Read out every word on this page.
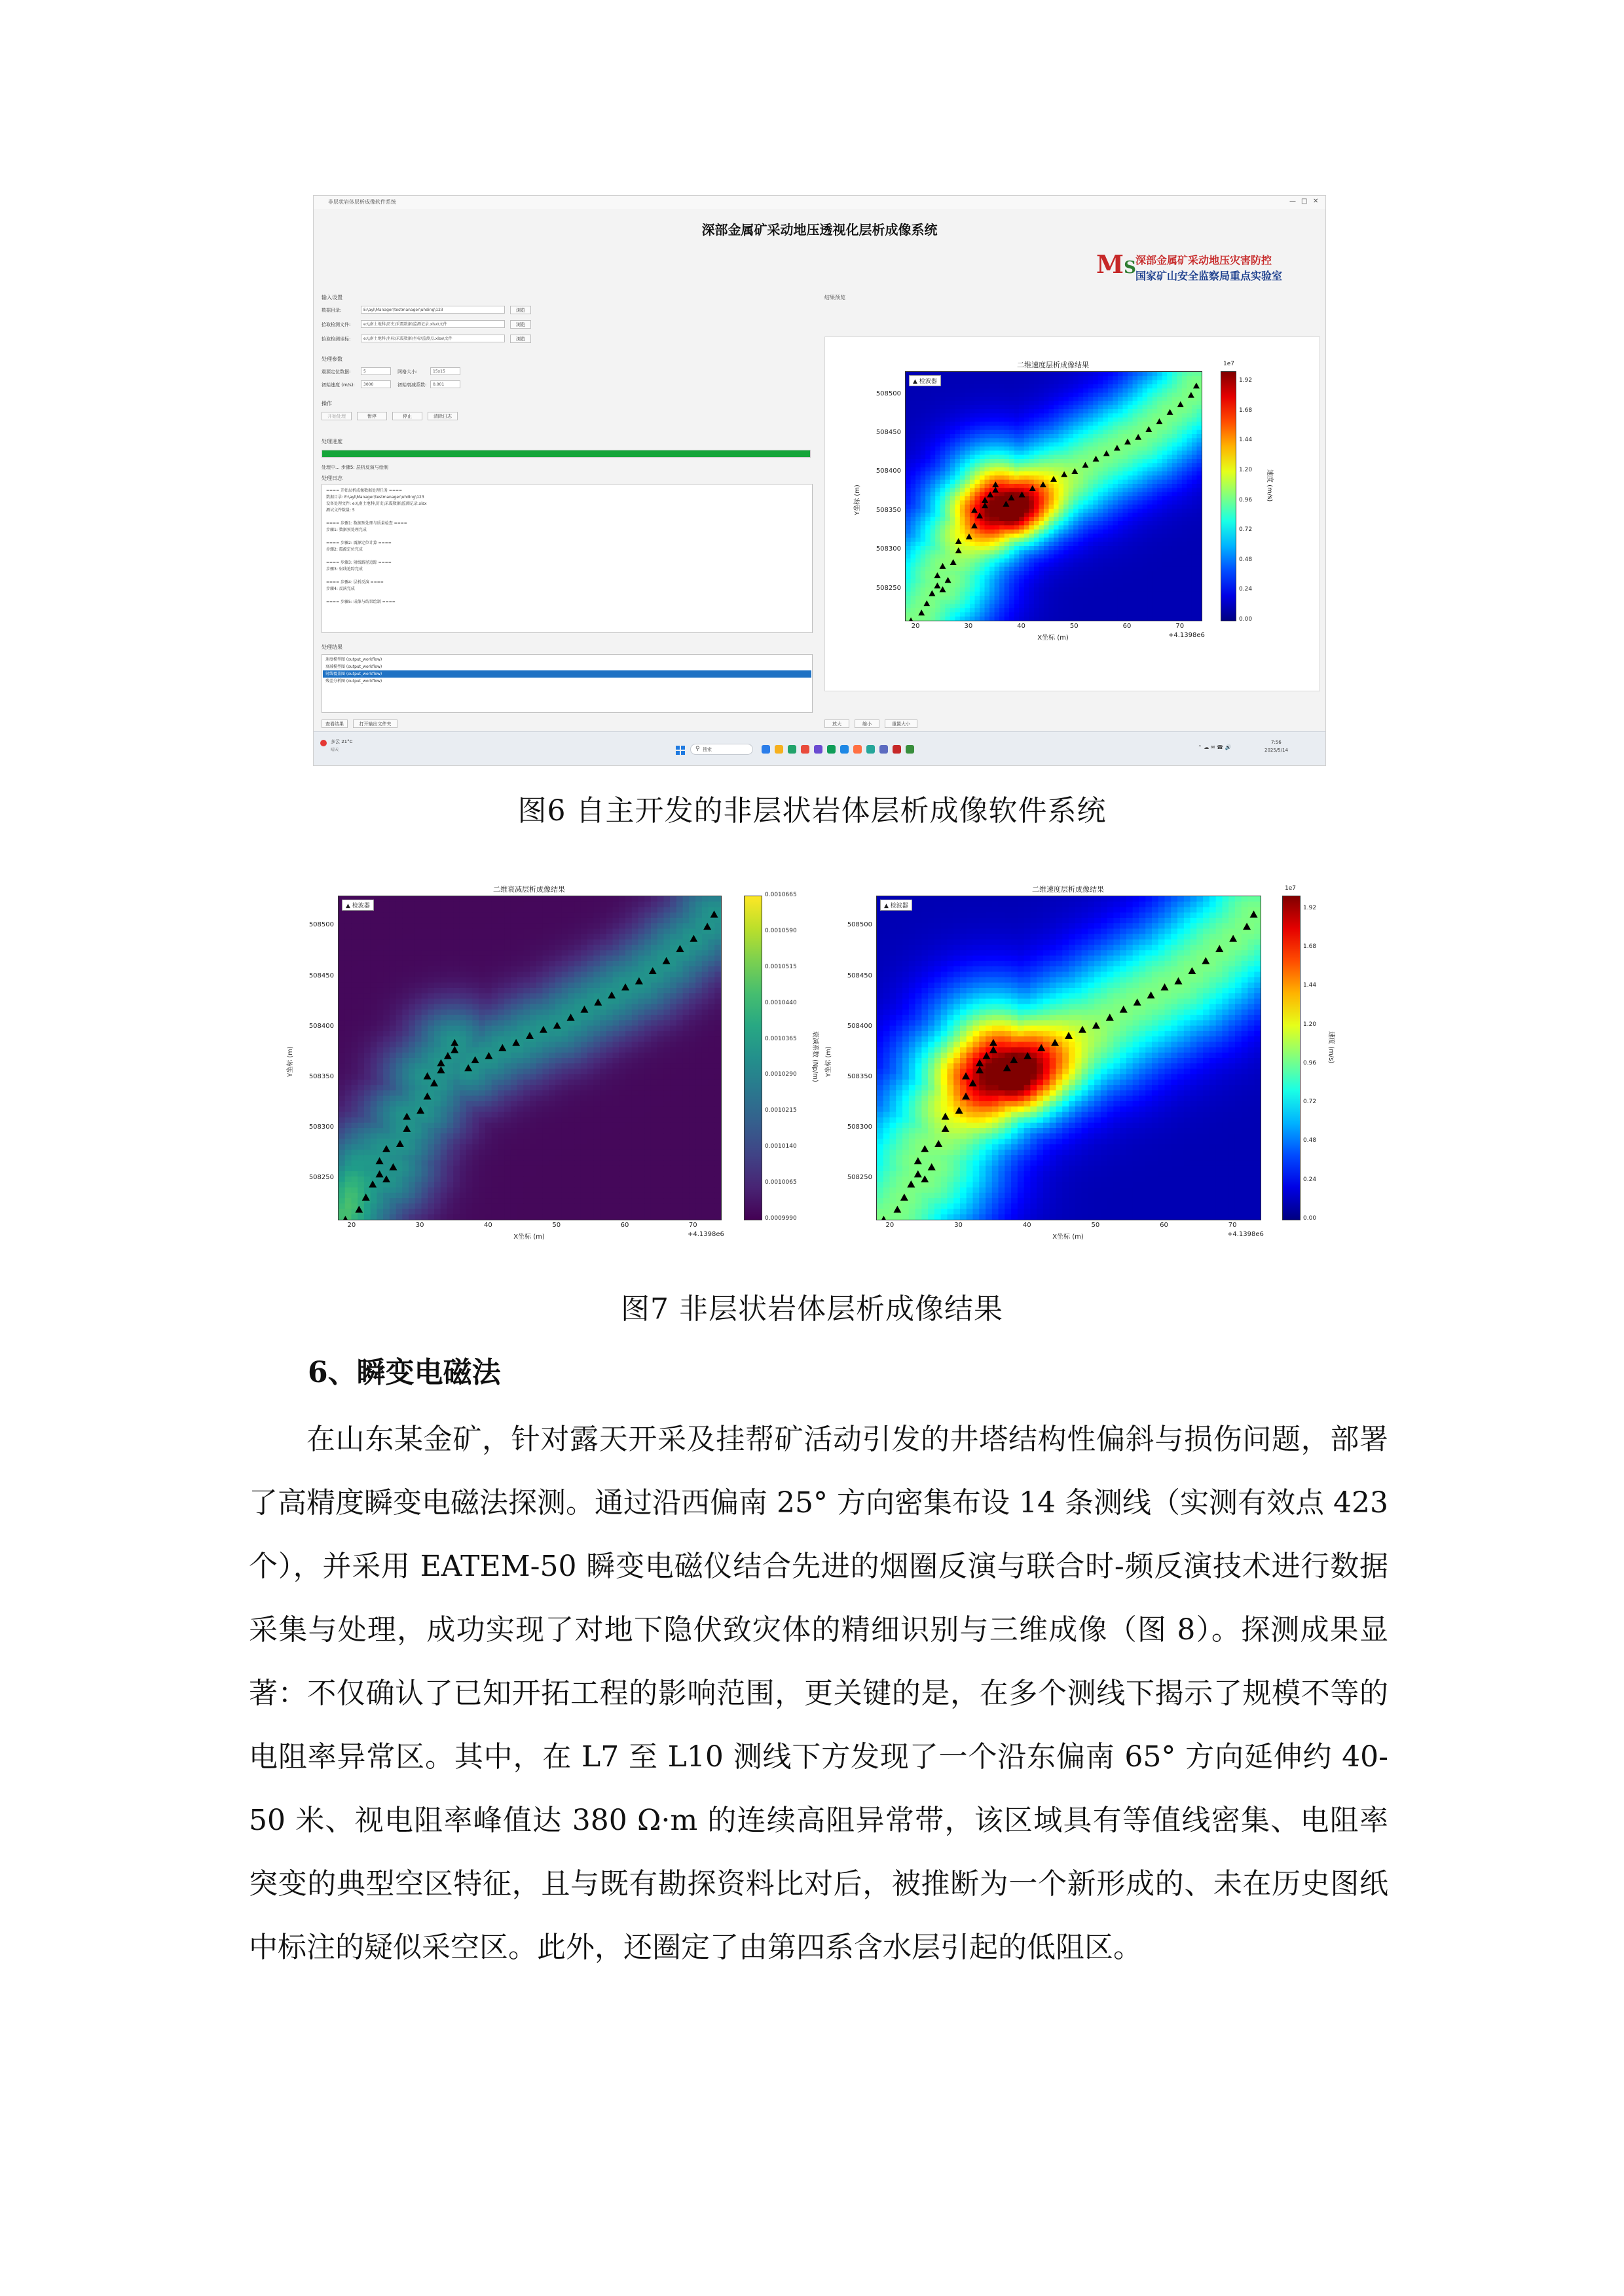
非层状岩体层析成像软件系统	— □ ✕
深部金属矿采动地压透视化层析成像系统
MS 深部金属矿采动地压灾害防控
国家矿山安全监察局重点实验室
输入设置
数据目录:	E:\ayl\Manager\testmanager\uhding\123	浏览
拾取检测文件:	e:\\南土地科\历史\采震数据\监测记录.xlsx\文件	浏览
拾取检测坐标:	e:\\南土地科\坐标\采震数据\坐标\监测点.xlsx\文件	浏览
处理参数
震源定位数据:	5	网格大小:	15x15
初始速度 (m/s):	3000	初始衰减系数:	0.001
操作
开始处理	暂停	停止	清除日志
处理进度
处理中... 步骤5: 层析反演与绘制
处理日志
==== 开始层析成像数据处理任务 ====
数据目录: E:\ayl\Manager\testmanager\uhding\123
设备处理文件: e:\\南土地科\历史\采震数据\监测记录.xlsx
测试文件数量: 5
==== 步骤1: 数据预处理与质量检查 ====
步骤1: 数据预处理完成
==== 步骤2: 震源定位计算 ====
步骤2: 震源定位完成
==== 步骤3: 射线路径追踪 ====
步骤3: 射线追踪完成
==== 步骤4: 层析反演 ====
步骤4: 反演完成
==== 步骤5: 成像与结果绘制 ====
处理结果
速度模型图 (output_workflow)
衰减模型图 (output_workflow)
射线覆盖图 (output_workflow)
残差分析图 (output_workflow)
查看结果	打开输出文件夹
结果预览
二维速度层析成像结果
▲ 检波器
508250
508300
508350
508400
508450
508500
20	30	40	50	60	70
X坐标 (m)	+4.1398e6
Y坐标 (m)
0.00
0.24
0.48
0.72
0.96
1.20
1.44
1.68
1.92
1e7
速度 (m/s)
放大	缩小	重置大小
多云 21°C
晴天	搜索
⚲	⌃ ☁ ✉ ☎ 🔊
7:56
2025/5/14
图6 自主开发的非层状岩体层析成像软件系统
二维衰减层析成像结果
▲ 检波器
508250
508300
508350
508400
508450
508500
20	30	40	50	60	70
X坐标 (m)	+4.1398e6
Y坐标 (m)
0.0009990
0.0010065
0.0010140
0.0010215
0.0010290
0.0010365
0.0010440
0.0010515
0.0010590
0.0010665
衰减系数 (Np/m)
二维速度层析成像结果
▲ 检波器
508250
508300
508350
508400
508450
508500
20	30	40	50	60	70
X坐标 (m)	+4.1398e6
Y坐标 (m)
0.00
0.24
0.48
0.72
0.96
1.20
1.44
1.68
1.92
1e7
速度 (m/s)
图7 非层状岩体层析成像结果
6、瞬变电磁法
在山东某金矿，针对露天开采及挂帮矿活动引发的井塔结构性偏斜与损伤问题，部署了高精度瞬变电磁法探测。通过沿西偏南 25° 方向密集布设 14 条测线（实测有效点 423 个），并采用 EATEM-50 瞬变电磁仪结合先进的烟圈反演与联合时-频反演技术进行数据采集与处理，成功实现了对地下隐伏致灾体的精细识别与三维成像（图 8）。探测成果显著：不仅确认了已知开拓工程的影响范围，更关键的是，在多个测线下揭示了规模不等的电阻率异常区。其中，在 L7 至 L10 测线下方发现了一个沿东偏南 65° 方向延伸约 40-50 米、视电阻率峰值达 380 Ω·m 的连续高阻异常带，该区域具有等值线密集、电阻率突变的典型空区特征，且与既有勘探资料比对后，被推断为一个新形成的、未在历史图纸中标注的疑似采空区。此外，还圈定了由第四系含水层引起的低阻区。
